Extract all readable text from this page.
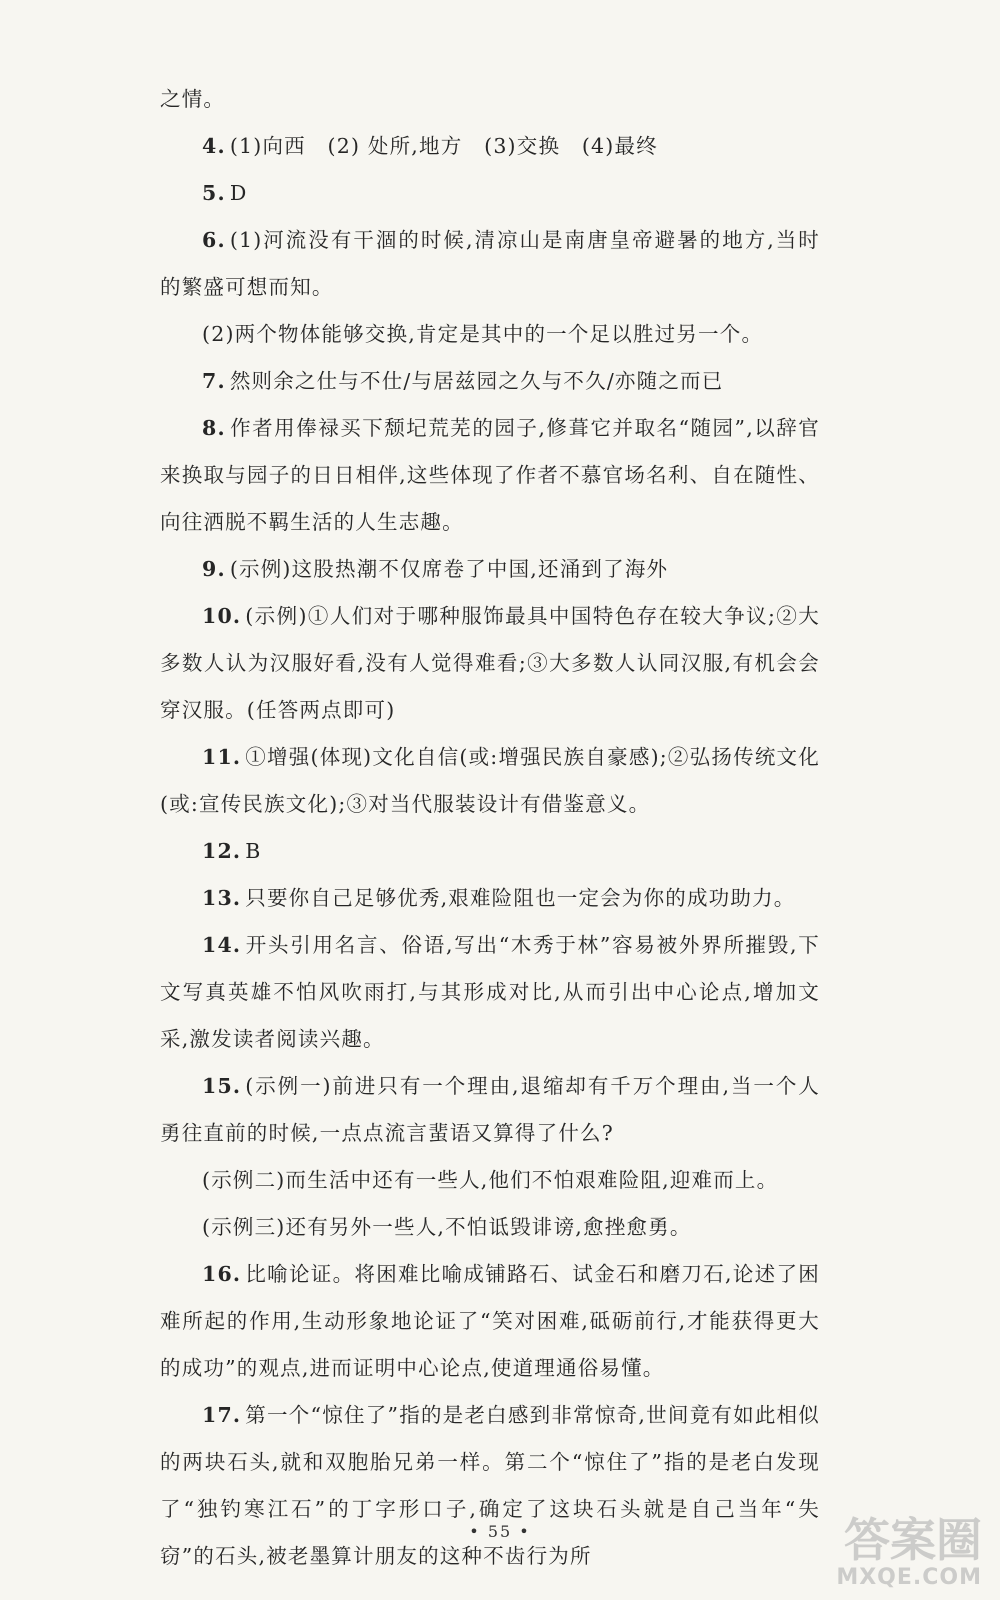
之情。

4. (1)向西　(2) 处所,地方　(3)交换　(4)最终

5. D

6. (1)河流没有干涸的时候,清凉山是南唐皇帝避暑的地方,当时的繁盛可想而知。

(2)两个物体能够交换,肯定是其中的一个足以胜过另一个。

7. 然则余之仕与不仕/与居兹园之久与不久/亦随之而已

8. 作者用俸禄买下颓圮荒芜的园子,修葺它并取名“随园”,以辞官来换取与园子的日日相伴,这些体现了作者不慕官场名利、自在随性、向往洒脱不羁生活的人生志趣。

9. (示例)这股热潮不仅席卷了中国,还涌到了海外

10. (示例)①人们对于哪种服饰最具中国特色存在较大争议;②大多数人认为汉服好看,没有人觉得难看;③大多数人认同汉服,有机会会穿汉服。(任答两点即可)

11. ①增强(体现)文化自信(或:增强民族自豪感);②弘扬传统文化(或:宣传民族文化);③对当代服装设计有借鉴意义。

12. B

13. 只要你自己足够优秀,艰难险阻也一定会为你的成功助力。

14. 开头引用名言、俗语,写出“木秀于林”容易被外界所摧毁,下文写真英雄不怕风吹雨打,与其形成对比,从而引出中心论点,增加文采,激发读者阅读兴趣。

15. (示例一)前进只有一个理由,退缩却有千万个理由,当一个人勇往直前的时候,一点点流言蜚语又算得了什么?

(示例二)而生活中还有一些人,他们不怕艰难险阻,迎难而上。

(示例三)还有另外一些人,不怕诋毁诽谤,愈挫愈勇。

16. 比喻论证。将困难比喻成铺路石、试金石和磨刀石,论述了困难所起的作用,生动形象地论证了“笑对困难,砥砺前行,才能获得更大的成功”的观点,进而证明中心论点,使道理通俗易懂。

17. 第一个“惊住了”指的是老白感到非常惊奇,世间竟有如此相似的两块石头,就和双胞胎兄弟一样。第二个“惊住了”指的是老白发现了“独钓寒江石”的丁字形口子,确定了这块石头就是自己当年“失窃”的石头,被老墨算计朋友的这种不齿行为所

• 55 •	答案圈
MXQE.COM
